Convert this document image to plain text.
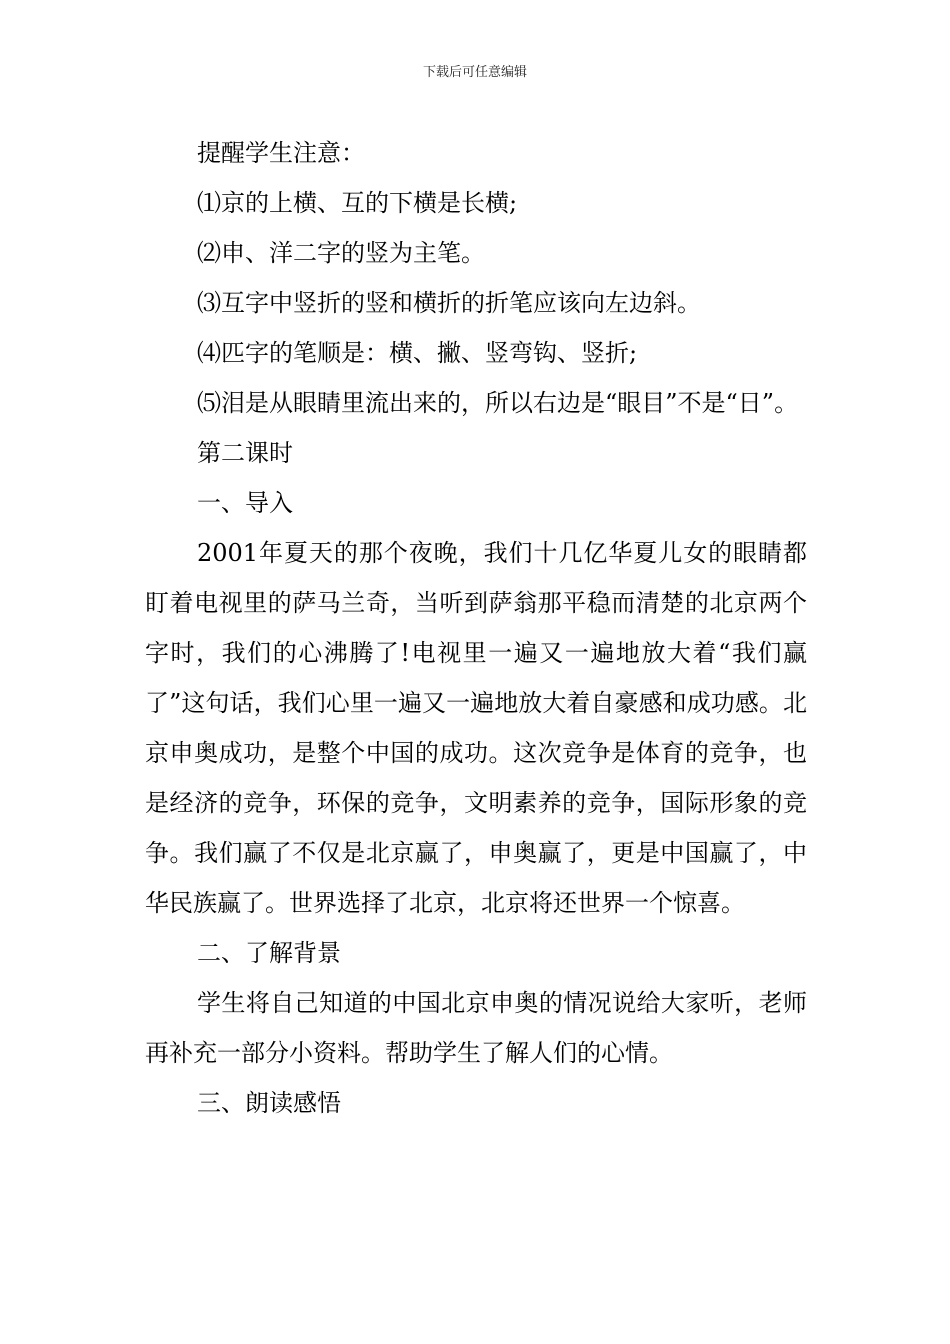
下载后可任意编辑

提醒学生注意：

⑴京的上横、互的下横是长横;

⑵申、洋二字的竖为主笔。

⑶互字中竖折的竖和横折的折笔应该向左边斜。

⑷匹字的笔顺是：横、撇、竖弯钩、竖折;

⑸泪是从眼睛里流出来的，所以右边是“眼目”不是“日”。

第二课时

一、导入

2001年夏天的那个夜晚，我们十几亿华夏儿女的眼睛都盯着电视里的萨马兰奇，当听到萨翁那平稳而清楚的北京两个字时，我们的心沸腾了!电视里一遍又一遍地放大着“我们赢了”这句话，我们心里一遍又一遍地放大着自豪感和成功感。北京申奥成功，是整个中国的成功。这次竞争是体育的竞争，也是经济的竞争，环保的竞争，文明素养的竞争，国际形象的竞争。我们赢了不仅是北京赢了，申奥赢了，更是中国赢了，中华民族赢了。世界选择了北京，北京将还世界一个惊喜。

二、了解背景

学生将自己知道的中国北京申奥的情况说给大家听，老师再补充一部分小资料。帮助学生了解人们的心情。

三、朗读感悟
